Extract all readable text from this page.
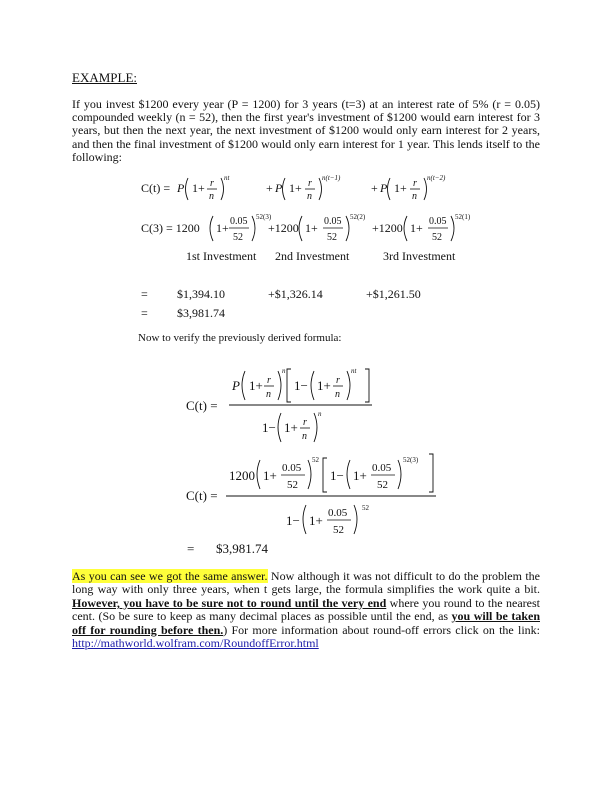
EXAMPLE:

If you invest $1200 every year (P = 1200) for 3 years (t=3) at an interest rate of 5% (r = 0.05) compounded weekly (n = 52), then the first year's investment of $1200 would earn interest for 3 years, but then the next year, the next investment of $1200 would only earn interest for 2 years, and then the final investment of $1200 would only earn interest for 1 year. This lends itself to the following:

C(t) = P 1+ r
n
nt
+ P 1+ r
n
n(t−1)
+ P 1+ r
n
n(t−2)
C(3) = 1200 1+ 0.05
52
52(3)
+1200 1+ 0.05
52
52(2)
+1200 1+ 0.05
52
52(1)
C(t) =
P 1+ r
n
n
1− 1+ r
n
nt
1− 1+ r
n
n
C(t) =
1200 1+ 0.05
52
52
1− 1+ 0.05
52
52(3)
1− 1+ 0.05
52
52
1st Investment 2nd Investment	3rd Investment
= $1,394.10	+$1,326.14	+$1,261.50
= $3,981.74
Now to verify the previously derived formula:
= $3,981.74

As you can see we got the same answer. Now although it was not difficult to do the problem the long way with only three years, when t gets large, the formula simplifies the work quite a bit. However, you have to be sure not to round until the very end where you round to the nearest cent. (So be sure to keep as many decimal places as possible until the end, as you will be taken off for rounding before then.) For more information about round-off errors click on the link: http://mathworld.wolfram.com/RoundoffError.html
